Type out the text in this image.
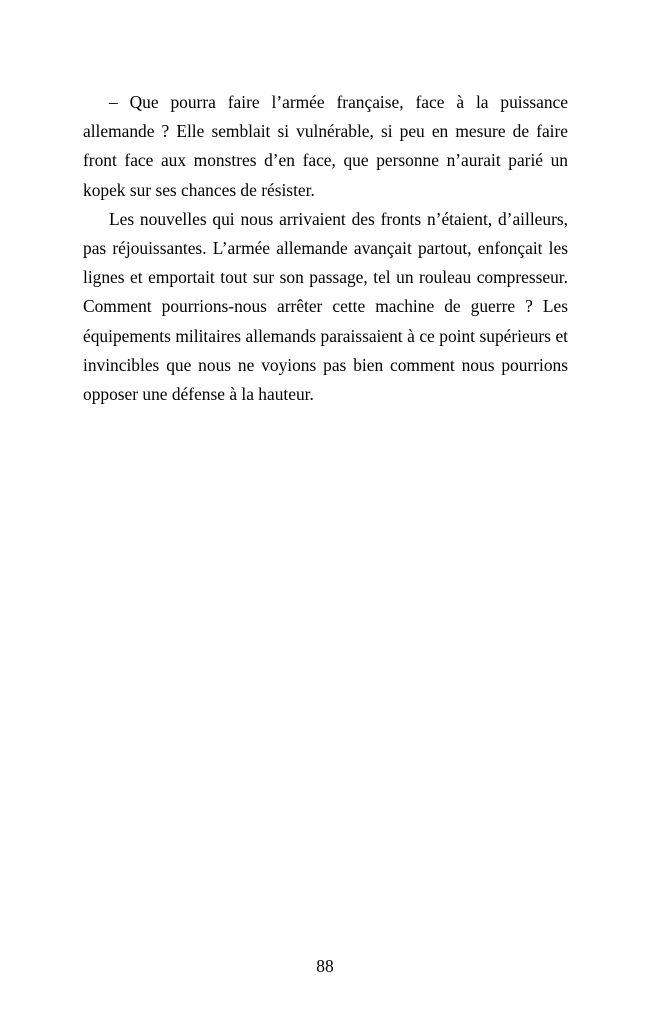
– Que pourra faire l’armée française, face à la puissance allemande ? Elle semblait si vulnérable, si peu en mesure de faire front face aux monstres d’en face, que personne n’aurait parié un kopek sur ses chances de résister.

Les nouvelles qui nous arrivaient des fronts n’étaient, d’ailleurs, pas réjouissantes. L’armée allemande avançait partout, enfonçait les lignes et emportait tout sur son passage, tel un rouleau compresseur. Comment pourrions-nous arrêter cette machine de guerre ? Les équipements militaires allemands paraissaient à ce point supérieurs et invincibles que nous ne voyions pas bien comment nous pourrions opposer une défense à la hauteur.

88
